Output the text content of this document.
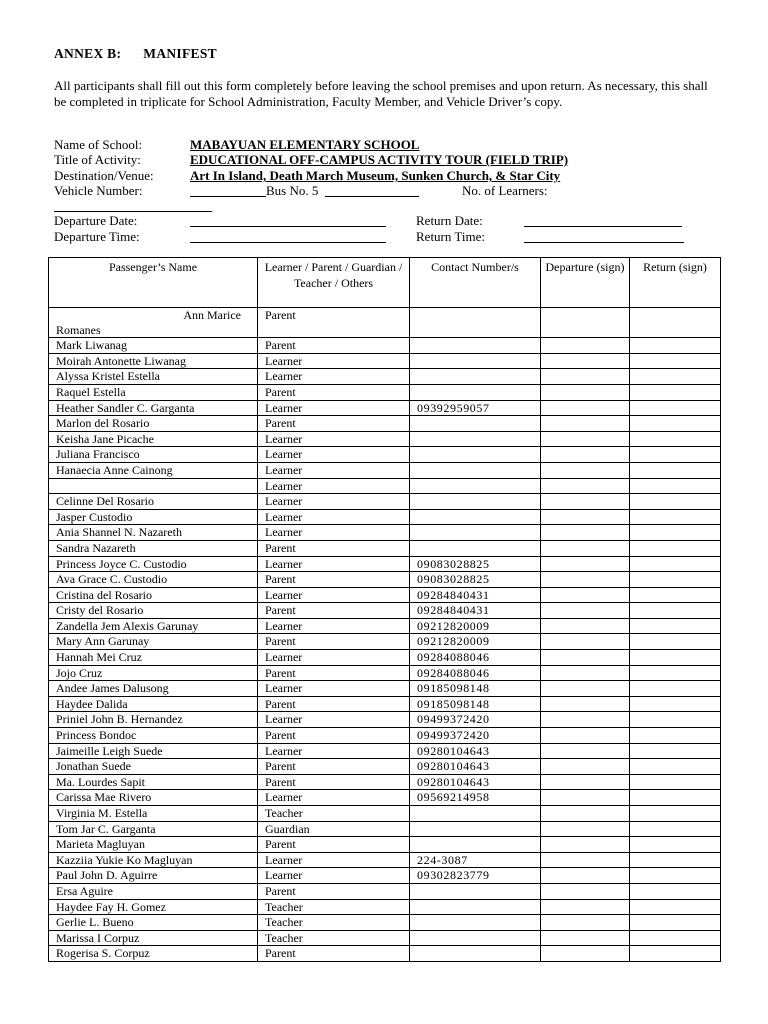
ANNEX B: MANIFEST
All participants shall fill out this form completely before leaving the school premises and upon return. As necessary, this shall be completed in triplicate for School Administration, Faculty Member, and Vehicle Driver’s copy.
Name of School:	MABAYUAN ELEMENTARY SCHOOL
Title of Activity:	EDUCATIONAL OFF-CAMPUS ACTIVITY TOUR (FIELD TRIP)
Destination/Venue:	Art In Island, Death March Museum, Sunken Church, & Star City
Vehicle Number:	Bus No. 5	No. of Learners:
Departure Date:	Return Date:
Departure Time:	Return Time:
Passenger’s Name	Learner / Parent / Guardian / Teacher / Others	Contact Number/s	Departure (sign)	Return (sign)

Ann Marice
Romanes	Parent			
Mark Liwanag	Parent			
Moirah Antonette Liwanag	Learner			
Alyssa Kristel Estella	Learner			
Raquel Estella	Parent			
Heather Sandler C. Garganta	Learner	09392959057		
Marlon del Rosario	Parent			
Keisha Jane Picache	Learner			
Juliana Francisco	Learner			
Hanaecia Anne Cainong	Learner			
	Learner			
Celinne Del Rosario	Learner			
Jasper Custodio	Learner			
Ania Shannel N. Nazareth	Learner			
Sandra Nazareth	Parent			
Princess Joyce C. Custodio	Learner	09083028825		
Ava Grace C. Custodio	Parent	09083028825		
Cristina del Rosario	Learner	09284840431		
Cristy del Rosario	Parent	09284840431		
Zandella Jem Alexis Garunay	Learner	09212820009		
Mary Ann Garunay	Parent	09212820009		
Hannah Mei Cruz	Learner	09284088046		
Jojo Cruz	Parent	09284088046		
Andee James Dalusong	Learner	09185098148		
Haydee Dalida	Parent	09185098148		
Priniel John B. Hernandez	Learner	09499372420		
Princess Bondoc	Parent	09499372420		
Jaimeille Leigh Suede	Learner	09280104643		
Jonathan Suede	Parent	09280104643		
Ma. Lourdes Sapit	Parent	09280104643		
Carissa Mae Rivero	Learner	09569214958		
Virginia M. Estella	Teacher			
Tom Jar C. Garganta	Guardian			
Marieta Magluyan	Parent			
Kazziia Yukie Ko Magluyan	Learner	224-3087		
Paul John D. Aguirre	Learner	09302823779		
Ersa Aguire	Parent			
Haydee Fay H. Gomez	Teacher			
Gerlie L. Bueno	Teacher			
Marissa I Corpuz	Teacher			
Rogerisa S. Corpuz	Parent			
